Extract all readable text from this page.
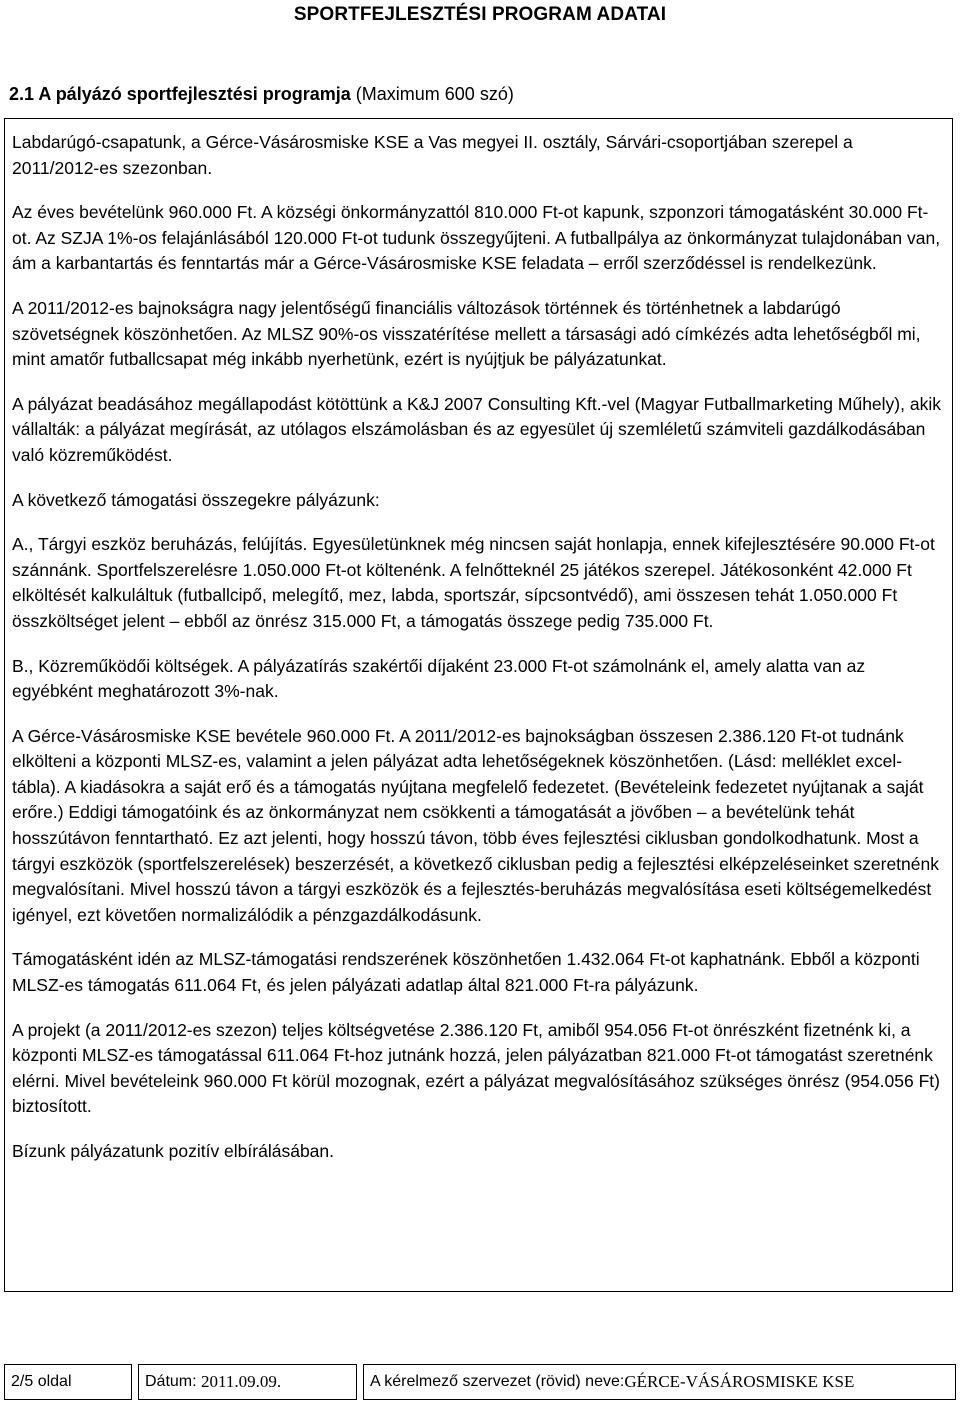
SPORTFEJLESZTÉSI PROGRAM ADATAI
2.1 A pályázó sportfejlesztési programja (Maximum 600 szó)

Labdarúgó-csapatunk, a Gérce-Vásárosmiske KSE a Vas megyei II. osztály, Sárvári-csoportjában szerepel a 2011/2012-es szezonban.

Az éves bevételünk 960.000 Ft. A községi önkormányzattól 810.000 Ft-ot kapunk, szponzori támogatásként 30.000 Ft-ot. Az SZJA 1%-os felajánlásából 120.000 Ft-ot tudunk összegyűjteni. A futballpálya az önkormányzat tulajdonában van, ám a karbantartás és fenntartás már a Gérce-Vásárosmiske KSE feladata – erről szerződéssel is rendelkezünk.

A 2011/2012-es bajnokságra nagy jelentőségű financiális változások történnek és történhetnek a labdarúgó szövetségnek köszönhetően. Az MLSZ 90%-os visszatérítése mellett a társasági adó címkézés adta lehetőségből mi, mint amatőr futballcsapat még inkább nyerhetünk, ezért is nyújtjuk be pályázatunkat.

A pályázat beadásához megállapodást kötöttünk a K&J 2007 Consulting Kft.-vel (Magyar Futballmarketing Műhely), akik vállalták: a pályázat megírását, az utólagos elszámolásban és az egyesület új szemléletű számviteli gazdálkodásában való közreműködést.

A következő támogatási összegekre pályázunk:

A., Tárgyi eszköz beruházás, felújítás. Egyesületünknek még nincsen saját honlapja, ennek kifejlesztésére 90.000 Ft-ot szánnánk. Sportfelszerelésre 1.050.000 Ft-ot költenénk. A felnőtteknél 25 játékos szerepel. Játékosonként 42.000 Ft elköltését kalkuláltuk (futballcipő, melegítő, mez, labda, sportszár, sípcsontvédő), ami összesen tehát 1.050.000 Ft összköltséget jelent – ebből az önrész 315.000 Ft, a támogatás összege pedig 735.000 Ft.

B., Közreműködői költségek. A pályázatírás szakértői díjaként 23.000 Ft-ot számolnánk el, amely alatta van az egyébként meghatározott 3%-nak.

A Gérce-Vásárosmiske KSE bevétele 960.000 Ft. A 2011/2012-es bajnokságban összesen 2.386.120 Ft-ot tudnánk elkölteni a központi MLSZ-es, valamint a jelen pályázat adta lehetőségeknek köszönhetően. (Lásd: melléklet excel-tábla). A kiadásokra a saját erő és a támogatás nyújtana megfelelő fedezetet. (Bevételeink fedezetet nyújtanak a saját erőre.) Eddigi támogatóink és az önkormányzat nem csökkenti a támogatását a jövőben – a bevételünk tehát hosszútávon fenntartható. Ez azt jelenti, hogy hosszú távon, több éves fejlesztési ciklusban gondolkodhatunk. Most a tárgyi eszközök (sportfelszerelések) beszerzését, a következő ciklusban pedig a fejlesztési elképzeléseinket szeretnénk megvalósítani. Mivel hosszú távon a tárgyi eszközök és a fejlesztés-beruházás megvalósítása eseti költségemelkedést igényel, ezt követően normalizálódik a pénzgazdálkodásunk.

Támogatásként idén az MLSZ-támogatási rendszerének köszönhetően 1.432.064 Ft-ot kaphatnánk. Ebből a központi MLSZ-es támogatás 611.064 Ft, és jelen pályázati adatlap által 821.000 Ft-ra pályázunk.

A projekt (a 2011/2012-es szezon) teljes költségvetése 2.386.120 Ft, amiből 954.056 Ft-ot önrészként fizetnénk ki, a központi MLSZ-es támogatással 611.064 Ft-hoz jutnánk hozzá, jelen pályázatban 821.000 Ft-ot támogatást szeretnénk elérni. Mivel bevételeink 960.000 Ft körül mozognak, ezért a pályázat megvalósításához szükséges önrész (954.056 Ft) biztosított.

Bízunk pályázatunk pozitív elbírálásában.

2/5 oldal	Dátum:
2011.09.09.	A kérelmező szervezet (rövid) neve: GÉRCE-VÁSÁROSMISKE KSE
